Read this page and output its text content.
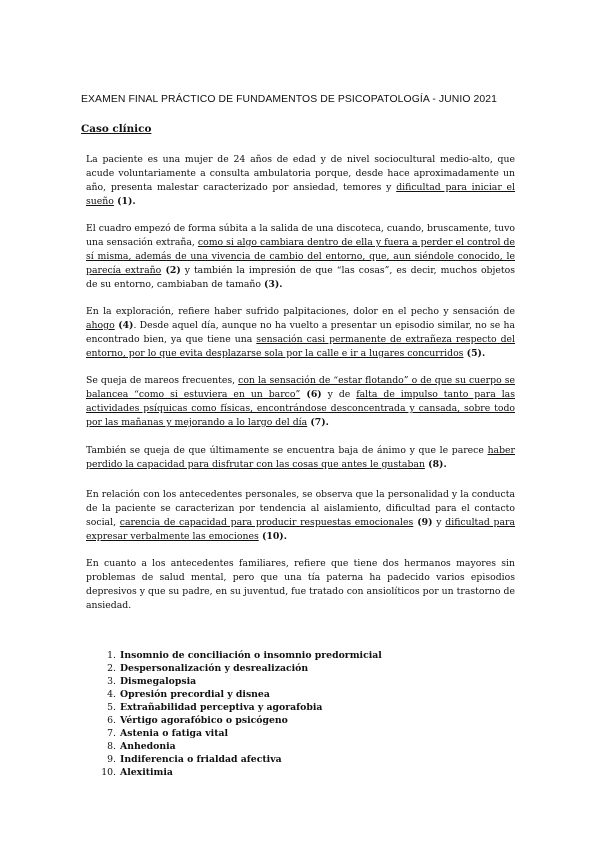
EXAMEN FINAL PRÁCTICO DE FUNDAMENTOS DE PSICOPATOLOGÍA - JUNIO 2021
Caso clínico

La paciente es una mujer de 24 años de edad y de nivel sociocultural medio-alto, que acude voluntariamente a consulta ambulatoria porque, desde hace aproximadamente un año, presenta malestar caracterizado por ansiedad, temores y dificultad para iniciar el sueño (1).

El cuadro empezó de forma súbita a la salida de una discoteca, cuando, bruscamente, tuvo una sensación extraña, como si algo cambiara dentro de ella y fuera a perder el control de sí misma, además de una vivencia de cambio del entorno, que, aun siéndole conocido, le parecía extraño (2) y también la impresión de que “las cosas”, es decir, muchos objetos de su entorno, cambiaban de tamaño (3).

En la exploración, refiere haber sufrido palpitaciones, dolor en el pecho y sensación de ahogo (4). Desde aquel día, aunque no ha vuelto a presentar un episodio similar, no se ha encontrado bien, ya que tiene una sensación casi permanente de extrañeza respecto del entorno, por lo que evita desplazarse sola por la calle e ir a lugares concurridos (5).

Se queja de mareos frecuentes, con la sensación de “estar flotando” o de que su cuerpo se balancea “como si estuviera en un barco” (6) y de falta de impulso tanto para las actividades psíquicas como físicas, encontrándose desconcentrada y cansada, sobre todo por las mañanas y mejorando a lo largo del día (7).

También se queja de que últimamente se encuentra baja de ánimo y que le parece haber perdido la capacidad para disfrutar con las cosas que antes le gustaban (8).

En relación con los antecedentes personales, se observa que la personalidad y la conducta de la paciente se caracterizan por tendencia al aislamiento, dificultad para el contacto social, carencia de capacidad para producir respuestas emocionales (9) y dificultad para expresar verbalmente las emociones (10).

En cuanto a los antecedentes familiares, refiere que tiene dos hermanos mayores sin problemas de salud mental, pero que una tía paterna ha padecido varios episodios depresivos y que su padre, en su juventud, fue tratado con ansiolíticos por un trastorno de ansiedad.

1. Insomnio de conciliación o insomnio predormicial
2. Despersonalización y desrealización
3. Dismegalopsia
4. Opresión precordial y disnea
5. Extrañabilidad perceptiva y agorafobia
6. Vértigo agorafóbico o psicógeno
7. Astenia o fatiga vital
8. Anhedonia
9. Indiferencia o frialdad afectiva
10. Alexitimia
